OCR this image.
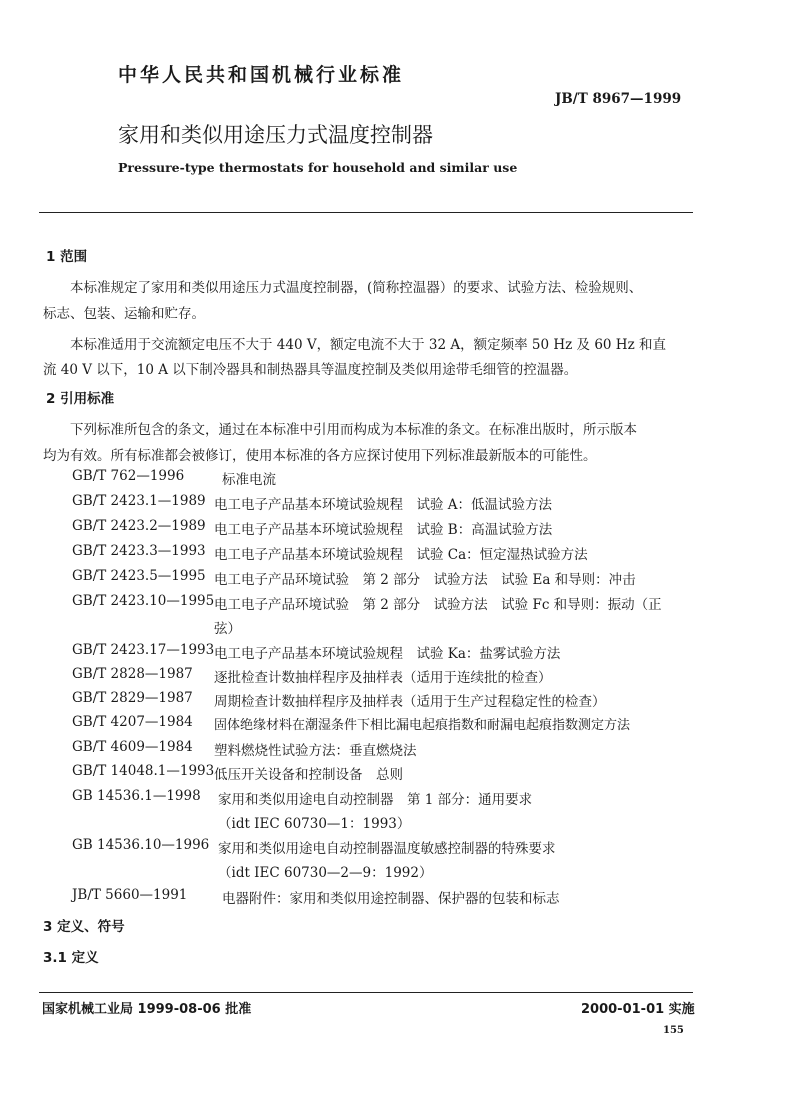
中华人民共和国机械行业标准
JB/T 8967—1999
家用和类似用途压力式温度控制器
Pressure-type thermostats for household and similar use
1 范围
本标准规定了家用和类似用途压力式温度控制器，(简称控温器）的要求、试验方法、检验规则、
标志、包装、运输和贮存。
本标准适用于交流额定电压不大于 440 V，额定电流不大于 32 A，额定频率 50 Hz 及 60 Hz 和直
流 40 V 以下，10 A 以下制冷器具和制热器具等温度控制及类似用途带毛细管的控温器。
2 引用标准
下列标准所包含的条文，通过在本标准中引用而构成为本标准的条文。在标准出版时，所示版本
均为有效。所有标准都会被修订，使用本标准的各方应探讨使用下列标准最新版本的可能性。
GB/T 762—1996	标准电流
GB/T 2423.1—1989 电工电子产品基本环境试验规程　试验 A：低温试验方法
GB/T 2423.2—1989 电工电子产品基本环境试验规程　试验 B：高温试验方法
GB/T 2423.3—1993 电工电子产品基本环境试验规程　试验 Ca：恒定湿热试验方法
GB/T 2423.5—1995 电工电子产品环境试验　第 2 部分　试验方法　试验 Ea 和导则：冲击
GB/T 2423.10—1995 电工电子产品环境试验　第 2 部分　试验方法　试验 Fc 和导则：振动（正
弦）
GB/T 2423.17—1993 电工电子产品基本环境试验规程　试验 Ka：盐雾试验方法
GB/T 2828—1987 逐批检查计数抽样程序及抽样表（适用于连续批的检查）
GB/T 2829—1987 周期检查计数抽样程序及抽样表（适用于生产过程稳定性的检查）
GB/T 4207—1984 固体绝缘材料在潮湿条件下相比漏电起痕指数和耐漏电起痕指数测定方法
GB/T 4609—1984 塑料燃烧性试验方法：垂直燃烧法
GB/T 14048.1—1993 低压开关设备和控制设备　总则
GB 14536.1—1998 家用和类似用途电自动控制器　第 1 部分：通用要求
（idt IEC 60730—1：1993）
GB 14536.10—1996 家用和类似用途电自动控制器温度敏感控制器的特殊要求
（idt IEC 60730—2—9：1992）
JB/T 5660—1991	电器附件：家用和类似用途控制器、保护器的包装和标志
3 定义、符号
3.1 定义
国家机械工业局 1999-08-06 批准	2000-01-01 实施
155
